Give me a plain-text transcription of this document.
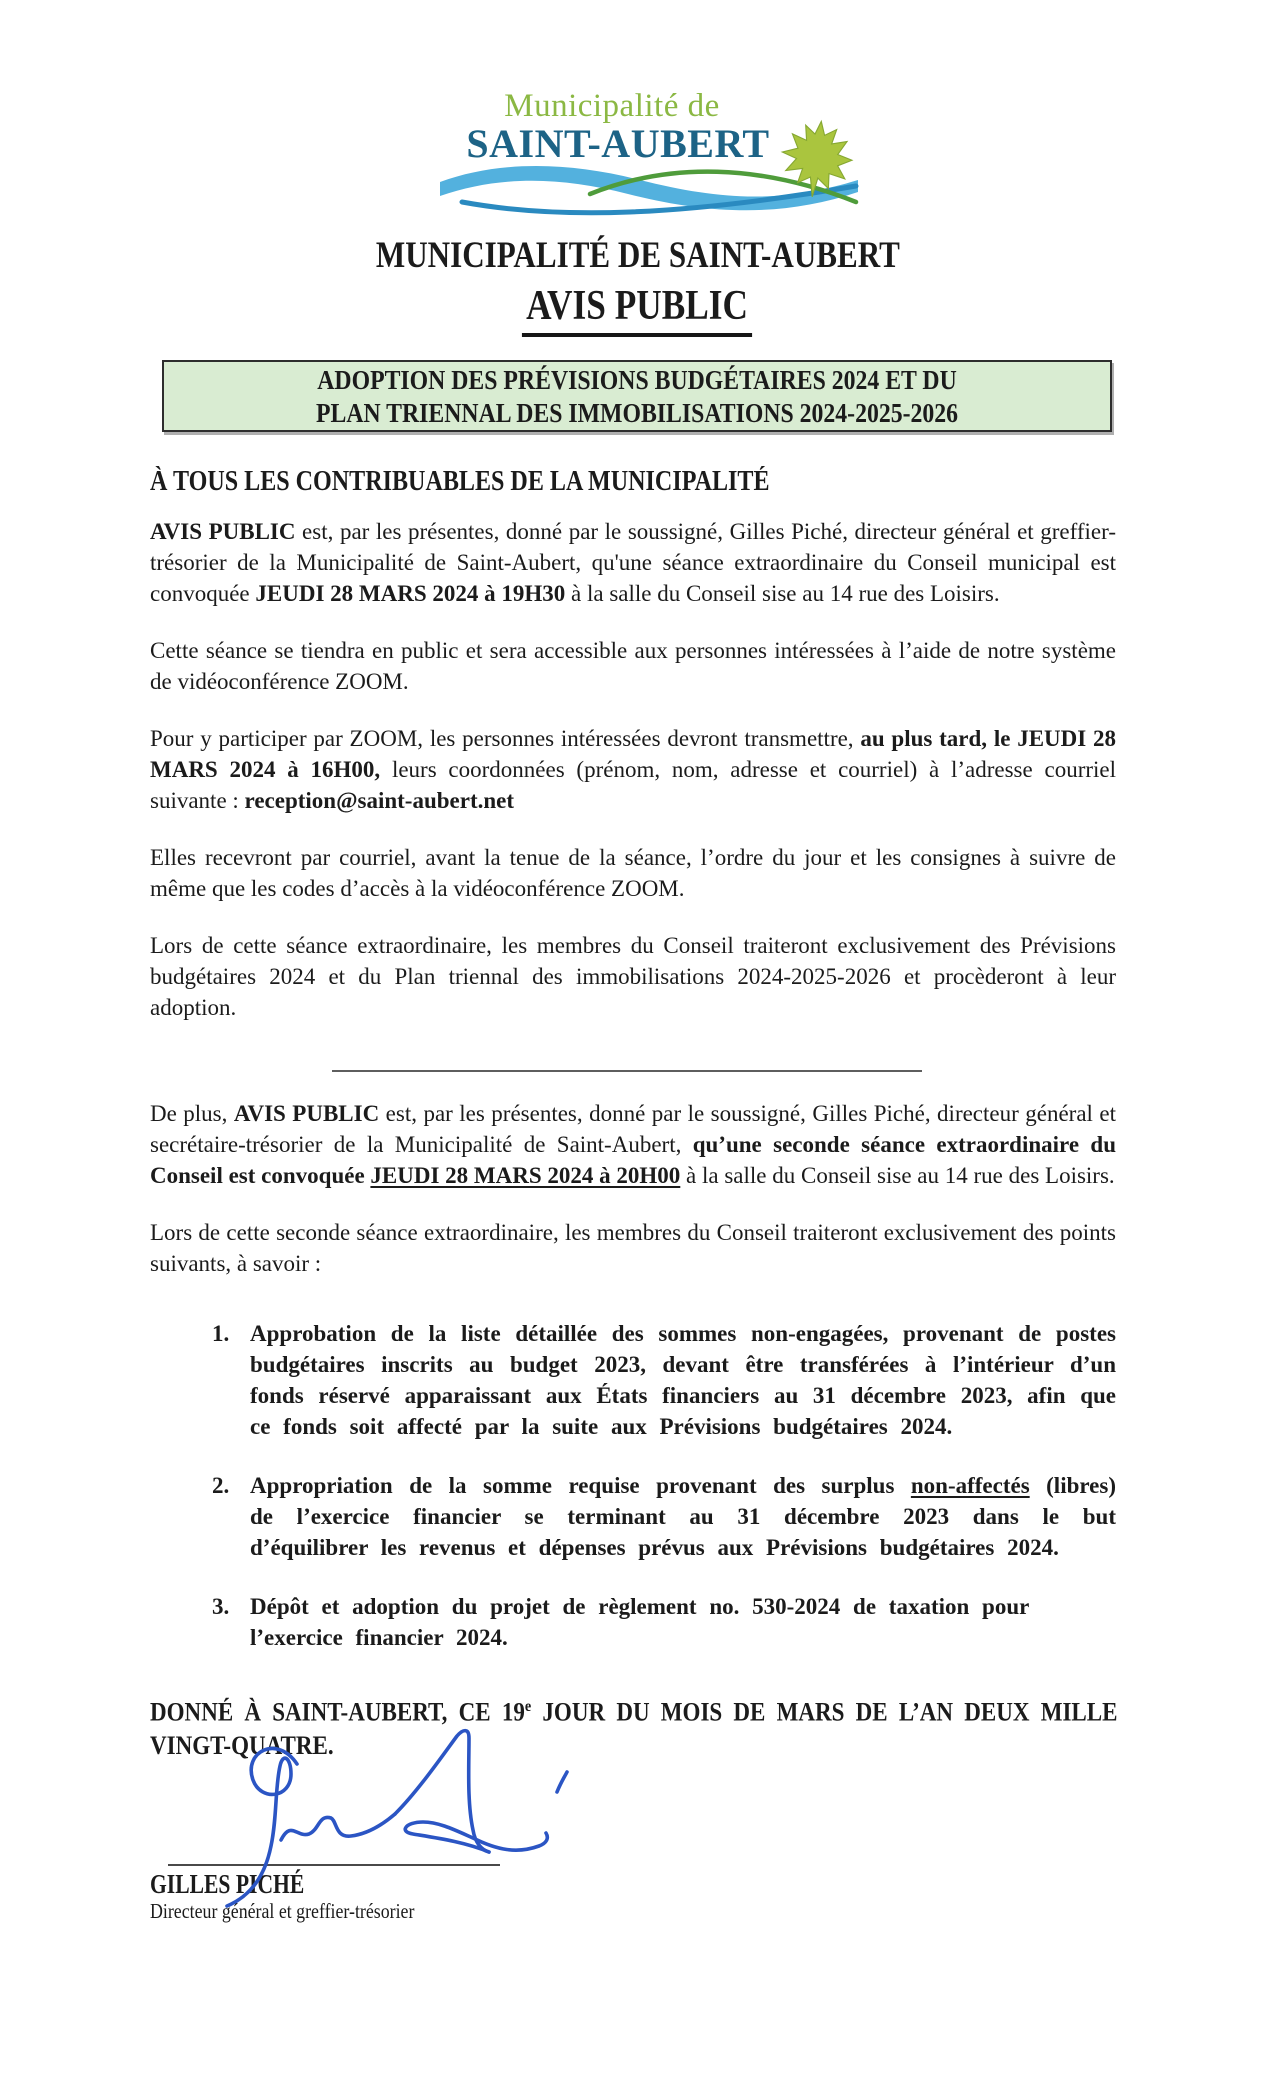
Municipalité de
SAINT-AUBERT
MUNICIPALITÉ DE SAINT-AUBERT
AVIS PUBLIC
ADOPTION DES PRÉVISIONS BUDGÉTAIRES 2024 ET DU
PLAN TRIENNAL DES IMMOBILISATIONS 2024-2025-2026
À TOUS LES CONTRIBUABLES DE LA MUNICIPALITÉ

AVIS PUBLIC est, par les présentes, donné par le soussigné, Gilles Piché, directeur général et greffier-trésorier de la Municipalité de Saint-Aubert, qu'une séance extraordinaire du Conseil municipal est convoquée JEUDI 28 MARS 2024 à 19H30 à la salle du Conseil sise au 14 rue des Loisirs.

Cette séance se tiendra en public et sera accessible aux personnes intéressées à l’aide de notre système de vidéoconférence ZOOM.

Pour y participer par ZOOM, les personnes intéressées devront transmettre, au plus tard, le JEUDI 28 MARS 2024 à 16H00, leurs coordonnées (prénom, nom, adresse et courriel) à l’adresse courriel suivante : reception@saint-aubert.net

Elles recevront par courriel, avant la tenue de la séance, l’ordre du jour et les consignes à suivre de même que les codes d’accès à la vidéoconférence ZOOM.

Lors de cette séance extraordinaire, les membres du Conseil traiteront exclusivement des Prévisions budgétaires 2024 et du Plan triennal des immobilisations 2024-2025-2026 et procèderont à leur adoption.

De plus, AVIS PUBLIC est, par les présentes, donné par le soussigné, Gilles Piché, directeur général et secrétaire-trésorier de la Municipalité de Saint-Aubert, qu’une seconde séance extraordinaire du Conseil est convoquée JEUDI 28 MARS 2024 à 20H00 à la salle du Conseil sise au 14 rue des Loisirs.

Lors de cette seconde séance extraordinaire, les membres du Conseil traiteront exclusivement des points suivants, à savoir :

1. Approbation de la liste détaillée des sommes non-engagées, provenant de postes budgétaires inscrits au budget 2023, devant être transférées à l’intérieur d’un fonds réservé apparaissant aux États financiers au 31 décembre 2023, afin que ce fonds soit affecté par la suite aux Prévisions budgétaires 2024.
2. Appropriation de la somme requise provenant des surplus non-affectés (libres) de l’exercice financier se terminant au 31 décembre 2023 dans le but d’équilibrer les revenus et dépenses prévus aux Prévisions budgétaires 2024.
3. Dépôt et adoption du projet de règlement no. 530-2024 de taxation pour l’exercice financier 2024.
DONNÉ À SAINT-AUBERT, CE 19e JOUR DU MOIS DE MARS DE L’AN DEUX MILLE VINGT-QUATRE.
GILLES PICHÉ
Directeur général et greffier-trésorier
